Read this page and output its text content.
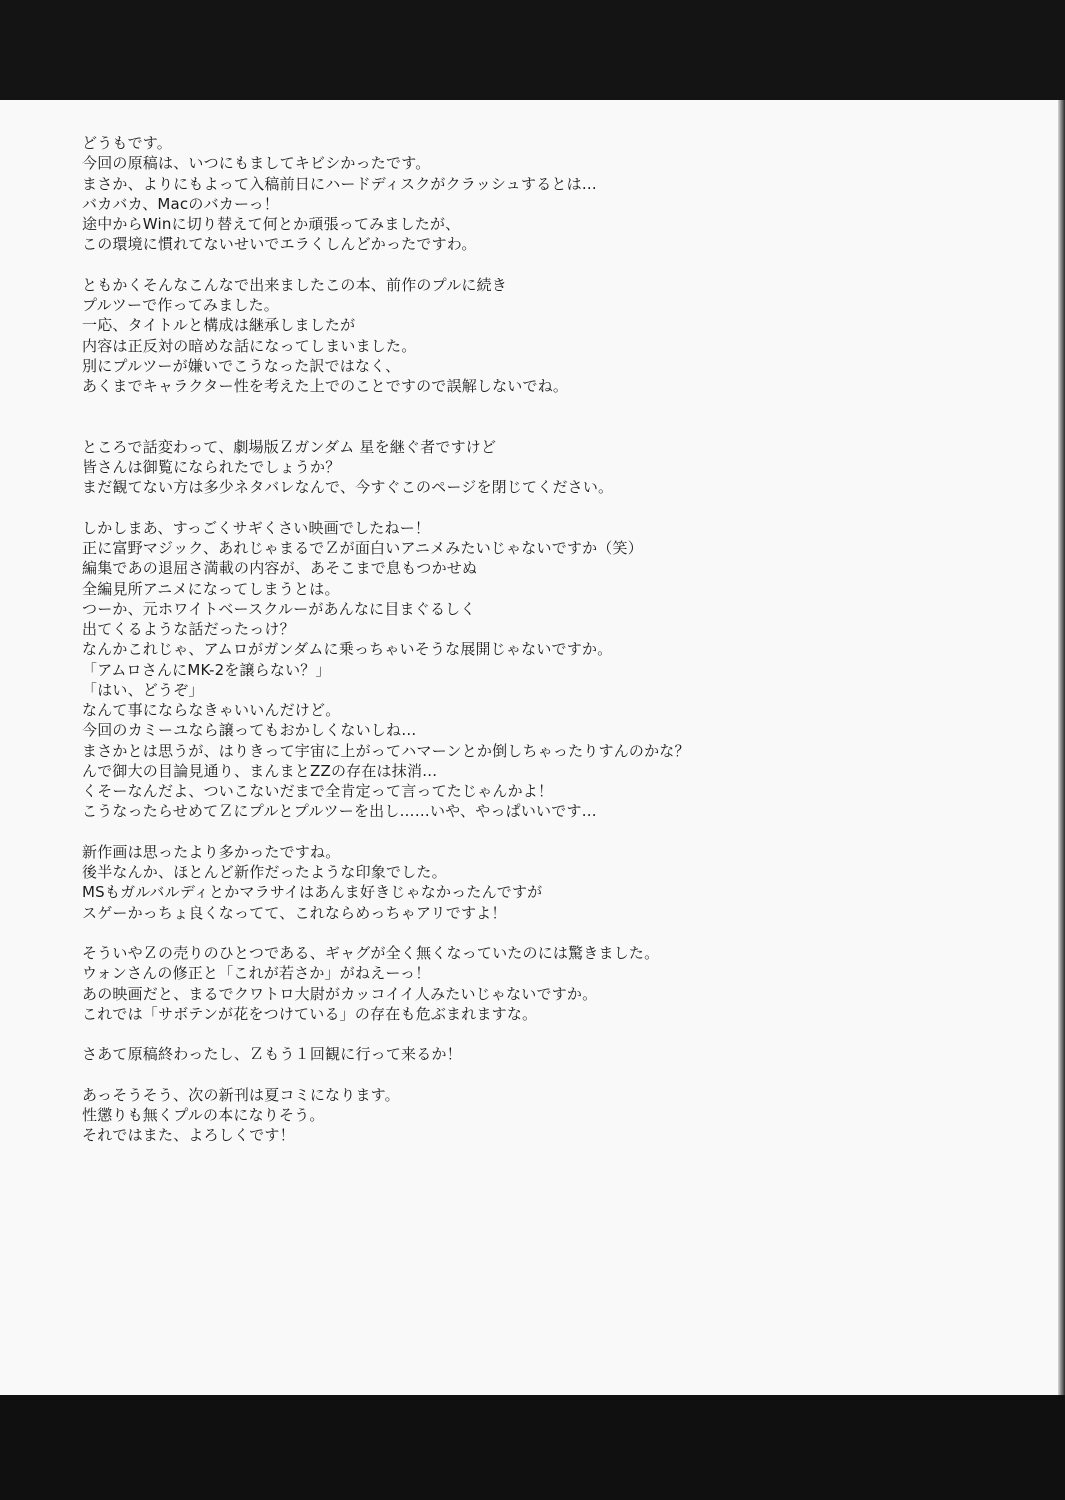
どうもです。
今回の原稿は、いつにもましてキビシかったです。
まさか、よりにもよって入稿前日にハードディスクがクラッシュするとは…
バカバカ、Macのバカーっ！
途中からWinに切り替えて何とか頑張ってみましたが、
この環境に慣れてないせいでエラくしんどかったですわ。
ともかくそんなこんなで出来ましたこの本、前作のプルに続き
プルツーで作ってみました。
一応、タイトルと構成は継承しましたが
内容は正反対の暗めな話になってしまいました。
別にプルツーが嫌いでこうなった訳ではなく、
あくまでキャラクター性を考えた上でのことですので誤解しないでね。
ところで話変わって、劇場版Ｚガンダム 星を継ぐ者ですけど
皆さんは御覧になられたでしょうか？
まだ観てない方は多少ネタバレなんで、今すぐこのページを閉じてください。
しかしまあ、すっごくサギくさい映画でしたねー！
正に富野マジック、あれじゃまるでＺが面白いアニメみたいじゃないですか（笑）
編集であの退屈さ満載の内容が、あそこまで息もつかせぬ
全編見所アニメになってしまうとは。
つーか、元ホワイトベースクルーがあんなに目まぐるしく
出てくるような話だったっけ？
なんかこれじゃ、アムロがガンダムに乗っちゃいそうな展開じゃないですか。
「アムロさんにMK-2を譲らない？」
「はい、どうぞ」
なんて事にならなきゃいいんだけど。
今回のカミーユなら譲ってもおかしくないしね…
まさかとは思うが、はりきって宇宙に上がってハマーンとか倒しちゃったりすんのかな？
んで御大の目論見通り、まんまとZZの存在は抹消…
くそーなんだよ、ついこないだまで全肯定って言ってたじゃんかよ！
こうなったらせめてＺにプルとプルツーを出し……いや、やっぱいいです…
新作画は思ったより多かったですね。
後半なんか、ほとんど新作だったような印象でした。
MSもガルバルディとかマラサイはあんま好きじゃなかったんですが
スゲーかっちょ良くなってて、これならめっちゃアリですよ！
そういやＺの売りのひとつである、ギャグが全く無くなっていたのには驚きました。
ウォンさんの修正と「これが若さか」がねえーっ！
あの映画だと、まるでクワトロ大尉がカッコイイ人みたいじゃないですか。
これでは「サボテンが花をつけている」の存在も危ぶまれますな。
さあて原稿終わったし、Ｚもう１回観に行って来るか！
あっそうそう、次の新刊は夏コミになります。
性懲りも無くプルの本になりそう。
それではまた、よろしくです！
